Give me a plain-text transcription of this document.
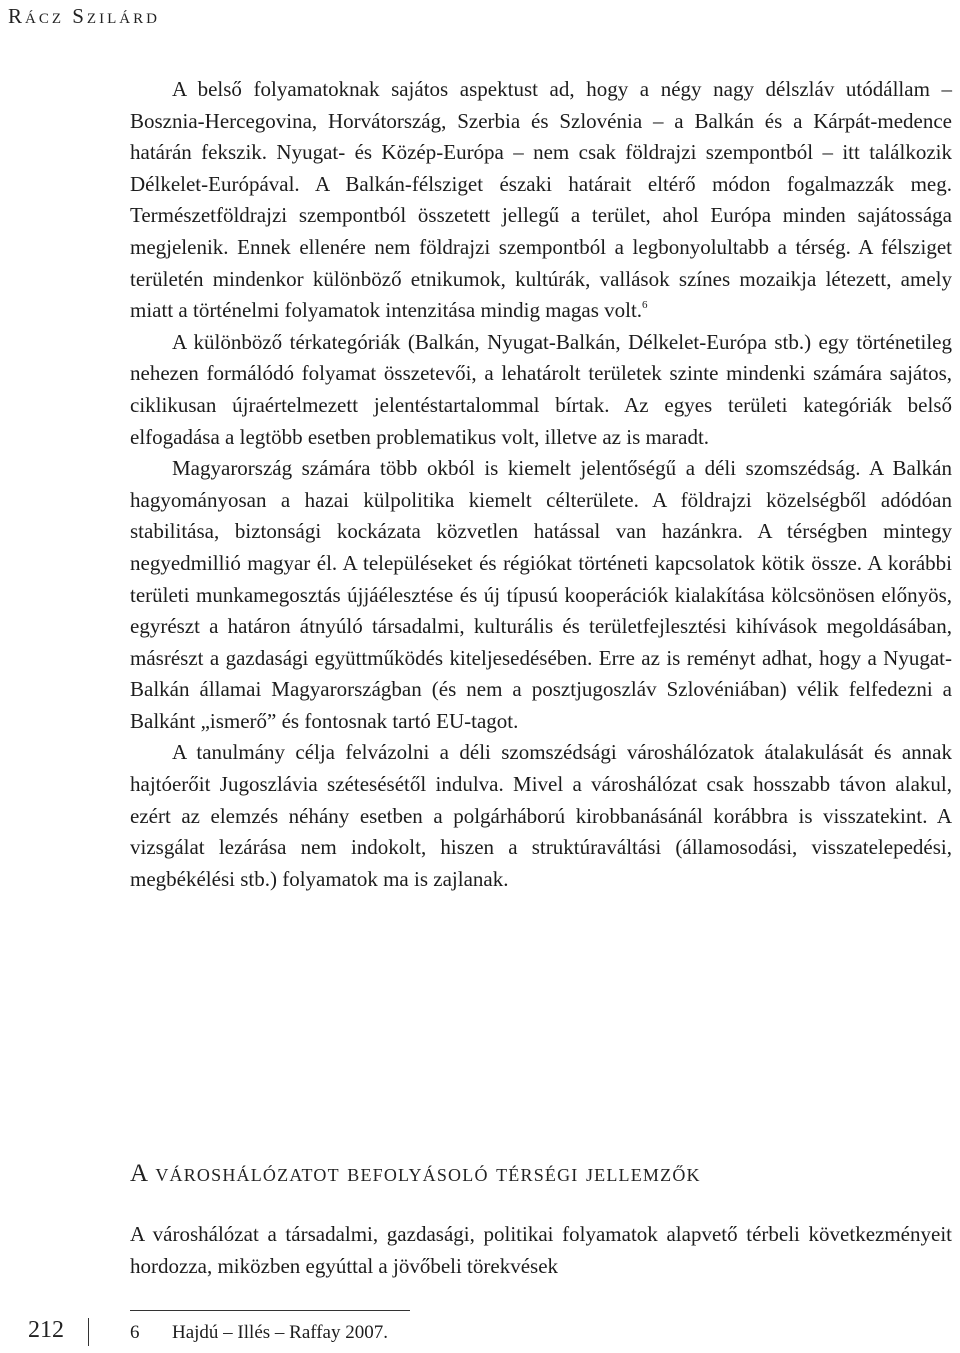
Rácz Szilárd

A belső folyamatoknak sajátos aspektust ad, hogy a négy nagy délszláv utódállam – Bosznia-Hercegovina, Horvátország, Szerbia és Szlovénia – a Balkán és a Kárpát-medence határán fekszik. Nyugat- és Közép-Európa – nem csak földrajzi szempontból – itt találkozik Délkelet-Európával. A Balkán-félsziget északi határait eltérő módon fogalmazzák meg. Természetföldrajzi szempontból összetett jellegű a terület, ahol Európa minden sajátossága megjelenik. Ennek ellenére nem földrajzi szempontból a legbonyolultabb a térség. A félsziget területén mindenkor különböző etnikumok, kultúrák, vallások színes mozaikja létezett, amely miatt a történelmi folyamatok intenzitása mindig magas volt.$^6$

A különböző térkategóriák (Balkán, Nyugat-Balkán, Délkelet-Európa stb.) egy történetileg nehezen formálódó folyamat összetevői, a lehatárolt területek szinte mindenki számára sajátos, ciklikusan újraértelmezett jelentéstartalommal bírtak. Az egyes területi kategóriák belső elfogadása a legtöbb esetben problematikus volt, illetve az is maradt.

Magyarország számára több okból is kiemelt jelentőségű a déli szomszédság. A Balkán hagyományosan a hazai külpolitika kiemelt célterülete. A földrajzi közelségből adódóan stabilitása, biztonsági kockázata közvetlen hatással van hazánkra. A térségben mintegy negyedmillió magyar él. A településeket és régiókat történeti kapcsolatok kötik össze. A korábbi területi munkamegosztás újjáélesztése és új típusú kooperációk kialakítása kölcsönösen előnyös, egyrészt a határon átnyúló társadalmi, kulturális és területfejlesztési kihívások megoldásában, másrészt a gazdasági együttműködés kiteljesedésében. Erre az is reményt adhat, hogy a Nyugat-Balkán államai Magyarországban (és nem a posztjugoszláv Szlovéniában) vélik felfedezni a Balkánt „ismerő” és fontosnak tartó EU-tagot.

A tanulmány célja felvázolni a déli szomszédsági városhálózatok átalakulását és annak hajtóerőit Jugoszlávia szétesésétől indulva. Mivel a városhálózat csak hosszabb távon alakul, ezért az elemzés néhány esetben a polgárháború kirobbanásánál korábbra is visszatekint. A vizsgálat lezárása nem indokolt, hiszen a struktúraváltási (államosodási, visszatelepedési, megbékélési stb.) folyamatok ma is zajlanak.

A városhálózatot befolyásoló térségi jellemzők

A városhálózat a társadalmi, gazdasági, politikai folyamatok alapvető térbeli következményeit hordozza, miközben egyúttal a jövőbeli törekvések

6 Hajdú – Illés – Raffay 2007.
212
